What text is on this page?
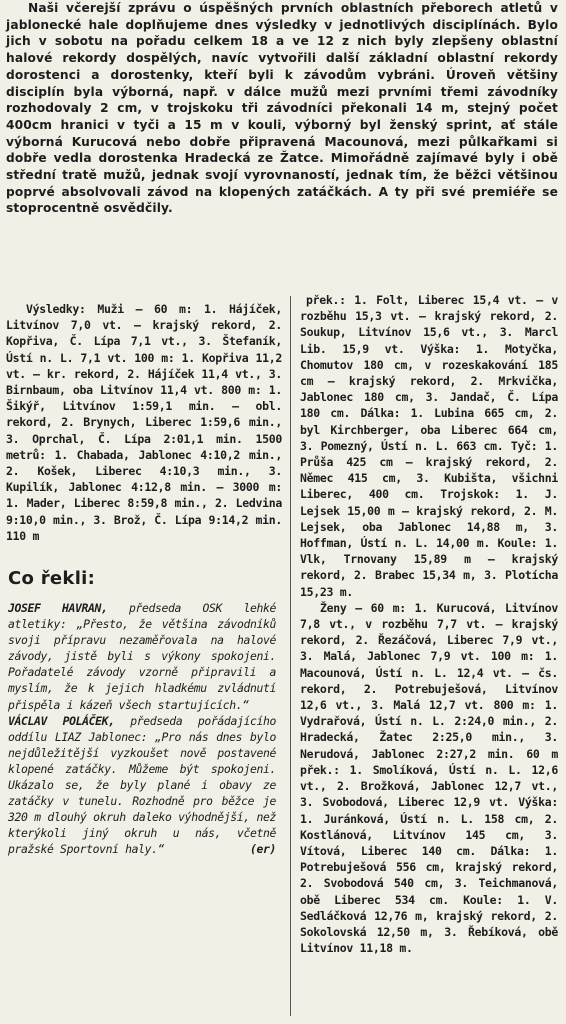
Naši včerejší zprávu o úspěšných prvních oblastních přeborech atletů v jablonecké hale doplňujeme dnes výsledky v jednotlivých disciplínách. Bylo jich v sobotu na pořadu celkem 18 a ve 12 z nich byly zlepšeny oblastní halové rekordy dospělých, navíc vytvořili další základní oblastní rekordy dorostenci a dorostenky, kteří byli k závodům vybráni. Úroveň většiny disciplín byla výborná, např. v dálce mužů mezi prvními třemi závodníky rozhodovaly 2 cm, v trojskoku tři závodníci překonali 14 m, stejný počet 400cm hranici v tyči a 15 m v kouli, výborný byl ženský sprint, ať stále výborná Kurucová nebo dobře připravená Macounová, mezi půlkařkami si dobře vedla dorostenka Hradecká ze Žatce. Mimořádně zajímavé byly i obě střední tratě mužů, jednak svojí vyrovnaností, jednak tím, že běžci většinou poprvé absolvovali závod na klopených zatáčkách. A ty při své premiéře se stoprocentně osvědčily.

Výsledky: Muži — 60 m: 1. Hájíček, Litvínov 7,0 vt. — krajský rekord, 2. Kopřiva, Č. Lípa 7,1 vt., 3. Štefaník, Ústí n. L. 7,1 vt. 100 m: 1. Kopřiva 11,2 vt. — kr. rekord, 2. Hájíček 11,4 vt., 3. Birnbaum, oba Litvínov 11,4 vt. 800 m: 1. Šikýř, Litvínov 1:59,1 min. — obl. rekord, 2. Brynych, Liberec 1:59,6 min., 3. Oprchal, Č. Lípa 2:01,1 min. 1500 metrů: 1. Chabada, Jablonec 4:10,2 min., 2. Košek, Liberec 4:10,3 min., 3. Kupilík, Jablonec 4:12,8 min. — 3000 m: 1. Mader, Liberec 8:59,8 min., 2. Ledvina 9:10,0 min., 3. Brož, Č. Lípa 9:14,2 min. 110 m

Co řekli:

JOSEF HAVRAN, předseda OSK lehké atletiky: „Přesto, že většina závodníků svoji přípravu nezaměřovala na halové závody, jistě byli s výkony spokojeni. Pořadatelé závody vzorně připravili a myslím, že k jejich hladkému zvládnutí přispěla i kázeň všech startujících.“

VÁCLAV POLÁČEK, předseda pořádajícího oddílu LIAZ Jablonec: „Pro nás dnes bylo nejdůležitější vyzkoušet nově postavené klopené zatáčky. Můžeme být spokojeni. Ukázalo se, že byly plané i obavy ze zatáčky v tunelu. Rozhodně pro běžce je 320 m dlouhý okruh daleko výhodnější, než kterýkoli jiný okruh u nás, včetně pražské Sportovní haly.“	(er)

přek.: 1. Folt, Liberec 15,4 vt. — v rozběhu 15,3 vt. — krajský rekord, 2. Soukup, Litvínov 15,6 vt., 3. Marcl Lib. 15,9 vt. Výška: 1. Motyčka, Chomutov 180 cm, v rozeskakování 185 cm — krajský rekord, 2. Mrkvička, Jablonec 180 cm, 3. Jandač, Č. Lípa 180 cm. Dálka: 1. Lubina 665 cm, 2. byl Kirchberger, oba Liberec 664 cm, 3. Pomezný, Ústí n. L. 663 cm. Tyč: 1. Průša 425 cm — krajský rekord, 2. Němec 415 cm, 3. Kubišta, všichni Liberec, 400 cm. Trojskok: 1. J. Lejsek 15,00 m — krajský rekord, 2. M. Lejsek, oba Jablonec 14,88 m, 3. Hoffman, Ústí n. L. 14,00 m. Koule: 1. Vlk, Trnovany 15,89 m — krajský rekord, 2. Brabec 15,34 m, 3. Plotícha 15,23 m.

Ženy — 60 m: 1. Kurucová, Litvínov 7,8 vt., v rozběhu 7,7 vt. — krajský rekord, 2. Řezáčová, Liberec 7,9 vt., 3. Malá, Jablonec 7,9 vt. 100 m: 1. Macounová, Ústí n. L. 12,4 vt. — čs. rekord, 2. Potrebuješová, Litvínov 12,6 vt., 3. Malá 12,7 vt. 800 m: 1. Vydrařová, Ústí n. L. 2:24,0 min., 2. Hradecká, Žatec 2:25,0 min., 3. Nerudová, Jablonec 2:27,2 min. 60 m přek.: 1. Smolíková, Ústí n. L. 12,6 vt., 2. Brožková, Jablonec 12,7 vt., 3. Svobodová, Liberec 12,9 vt. Výška: 1. Juránková, Ústí n. L. 158 cm, 2. Kostlánová, Litvínov 145 cm, 3. Vítová, Liberec 140 cm. Dálka: 1. Potrebuješová 556 cm, krajský rekord, 2. Svobodová 540 cm, 3. Teichmanová, obě Liberec 534 cm. Koule: 1. V. Sedláčková 12,76 m, krajský rekord, 2. Sokolovská 12,50 m, 3. Řebíková, obě Litvínov 11,18 m.
